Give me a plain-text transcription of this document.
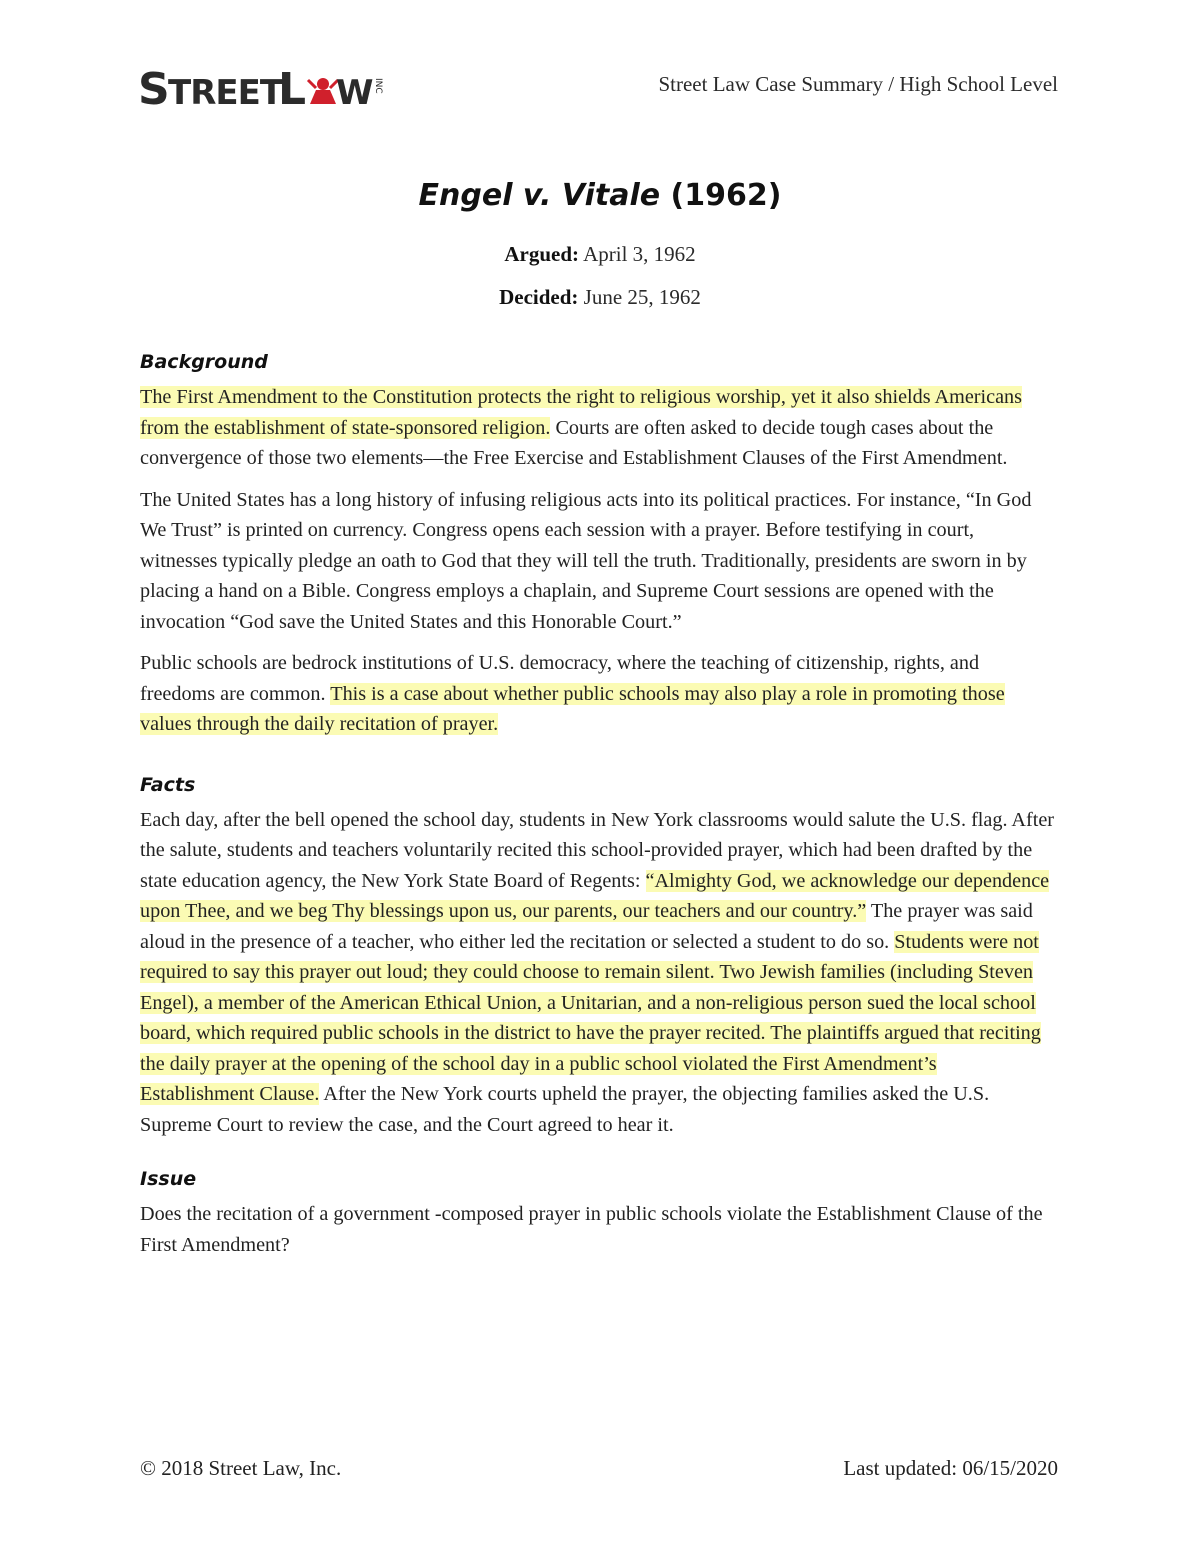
S TREET
L W INC	Street Law Case Summary / High School Level
Engel v. Vitale (1962)
Argued: April 3, 1962
Decided: June 25, 1962
Background

The First Amendment to the Constitution protects the right to religious worship, yet it also shields Americans from the establishment of state-sponsored religion. Courts are often asked to decide tough cases about the convergence of those two elements—the Free Exercise and Establishment Clauses of the First Amendment.

The United States has a long history of infusing religious acts into its political practices. For instance, “In God We Trust” is printed on currency. Congress opens each session with a prayer. Before testifying in court, witnesses typically pledge an oath to God that they will tell the truth. Traditionally, presidents are sworn in by placing a hand on a Bible. Congress employs a chaplain, and Supreme Court sessions are opened with the invocation “God save the United States and this Honorable Court.”

Public schools are bedrock institutions of U.S. democracy, where the teaching of citizenship, rights, and freedoms are common. This is a case about whether public schools may also play a role in promoting those values through the daily recitation of prayer.

Facts

Each day, after the bell opened the school day, students in New York classrooms would salute the U.S. flag. After the salute, students and teachers voluntarily recited this school-provided prayer, which had been drafted by the state education agency, the New York State Board of Regents: “Almighty God, we acknowledge our dependence upon Thee, and we beg Thy blessings upon us, our parents, our teachers and our country.” The prayer was said aloud in the presence of a teacher, who either led the recitation or selected a student to do so. Students were not required to say this prayer out loud; they could choose to remain silent. Two Jewish families (including Steven Engel), a member of the American Ethical Union, a Unitarian, and a non-religious person sued the local school board, which required public schools in the district to have the prayer recited. The plaintiffs argued that reciting the daily prayer at the opening of the school day in a public school violated the First Amendment’s Establishment Clause. After the New York courts upheld the prayer, the objecting families asked the U.S. Supreme Court to review the case, and the Court agreed to hear it.

Issue

Does the recitation of a government -composed prayer in public schools violate the Establishment Clause of the First Amendment?

© 2018 Street Law, Inc.	Last updated: 06/15/2020
